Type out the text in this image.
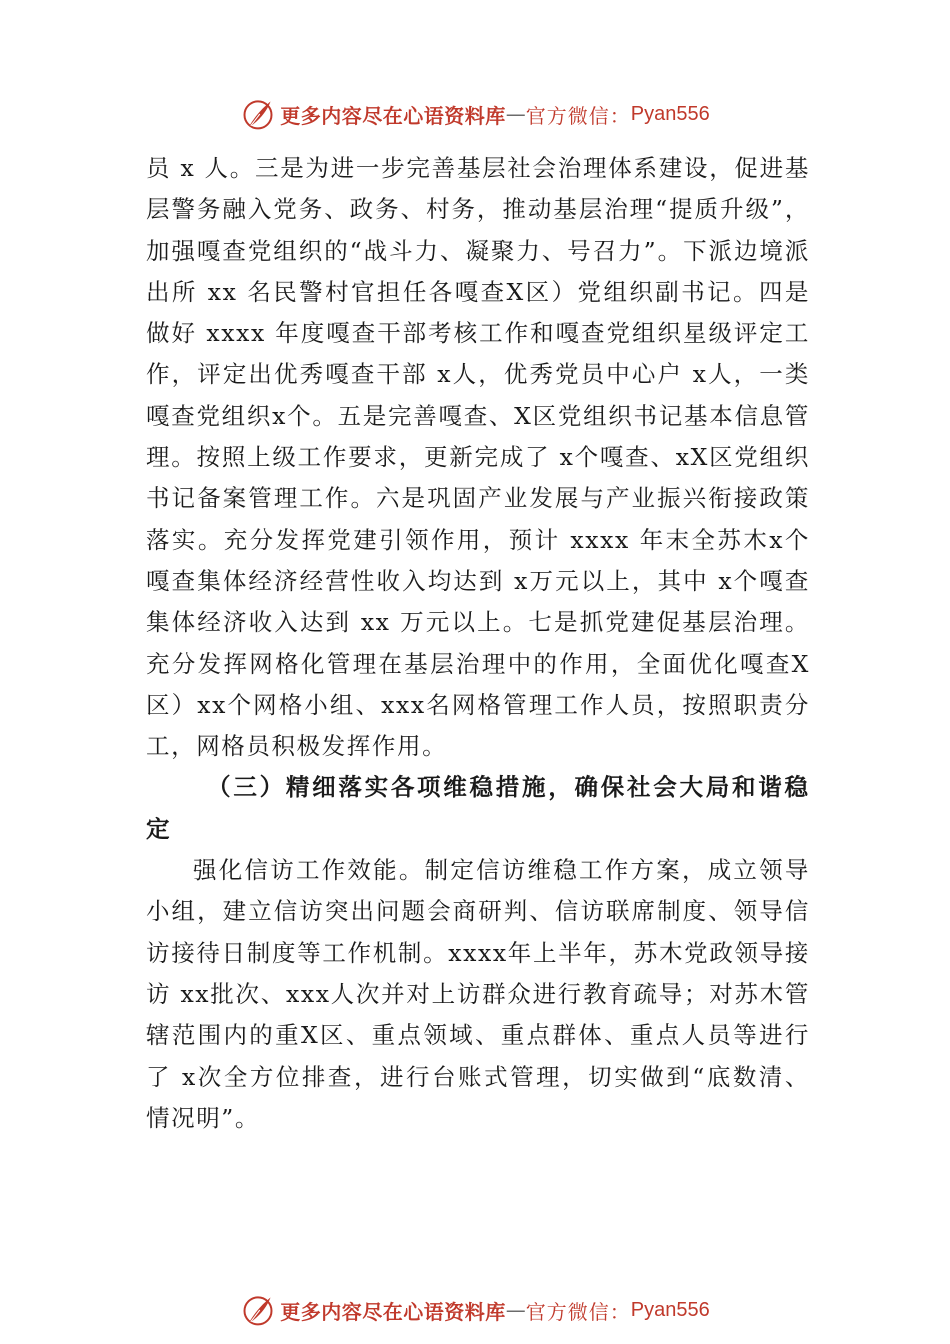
更多内容尽在心语资料库 — 官方微信： Pyan556

员 x 人。三是为进一步完善基层社会治理体系建设，促进基层警务融入党务、政务、村务，推动基层治理“提质升级”，加强嘎查党组织的“战斗力、凝聚力、号召力”。下派边境派出所 xx 名民警村官担任各嘎查X区）党组织副书记。四是做好 xxxx 年度嘎查干部考核工作和嘎查党组织星级评定工作，评定出优秀嘎查干部 x人，优秀党员中心户 x人，一类嘎查党组织x个。五是完善嘎查、X区党组织书记基本信息管理。按照上级工作要求，更新完成了 x个嘎查、xX区党组织书记备案管理工作。六是巩固产业发展与产业振兴衔接政策落实。充分发挥党建引领作用，预计 xxxx 年末全苏木x个嘎查集体经济经营性收入均达到 x万元以上，其中 x个嘎查集体经济收入达到 xx 万元以上。七是抓党建促基层治理。充分发挥网格化管理在基层治理中的作用，全面优化嘎查X区）xx个网格小组、xxx名网格管理工作人员，按照职责分工，网格员积极发挥作用。

（三）精细落实各项维稳措施，确保社会大局和谐稳定

强化信访工作效能。制定信访维稳工作方案，成立领导小组，建立信访突出问题会商研判、信访联席制度、领导信访接待日制度等工作机制。xxxx年上半年，苏木党政领导接访 xx批次、xxx人次并对上访群众进行教育疏导；对苏木管辖范围内的重X区、重点领域、重点群体、重点人员等进行了 x次全方位排查，进行台账式管理，切实做到“底数清、情况明”。

更多内容尽在心语资料库 — 官方微信： Pyan556
